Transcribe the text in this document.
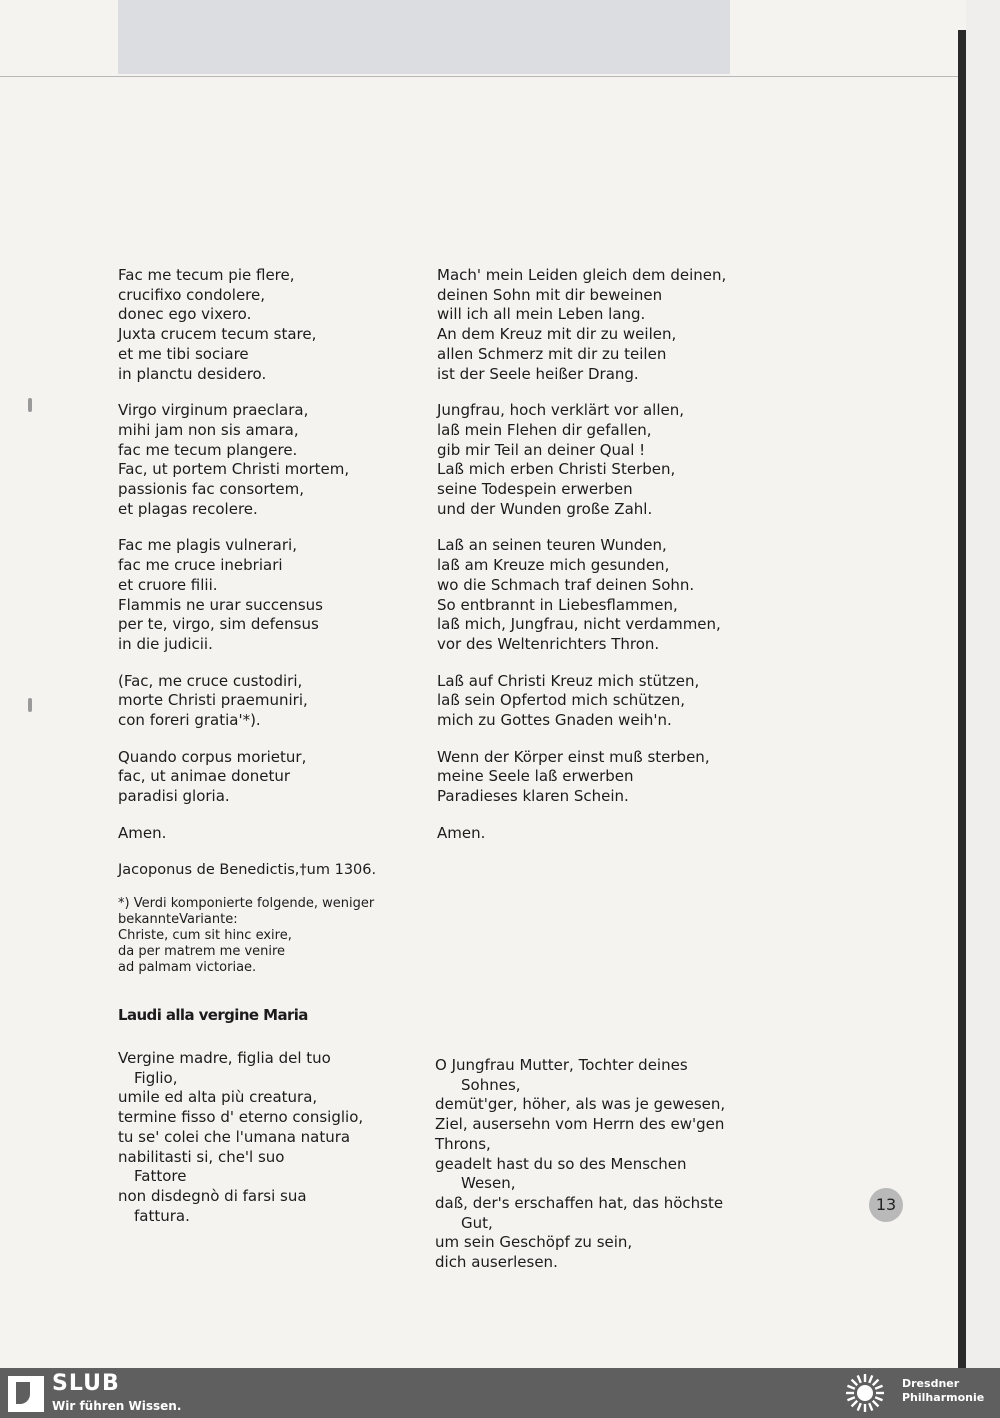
Fac me tecum pie flere,
crucifixo condolere,
donec ego vixero.
Juxta crucem tecum stare,
et me tibi sociare
in planctu desidero.
Virgo virginum praeclara,
mihi jam non sis amara,
fac me tecum plangere.
Fac, ut portem Christi mortem,
passionis fac consortem,
et plagas recolere.
Fac me plagis vulnerari,
fac me cruce inebriari
et cruore filii.
Flammis ne urar succensus
per te, virgo, sim defensus
in die judicii.
(Fac, me cruce custodiri,
morte Christi praemuniri,
con foreri gratia'*).
Quando corpus morietur,
fac, ut animae donetur
paradisi gloria.
Amen.
Jacoponus de Benedictis,†um 1306.
*) Verdi komponierte folgende, weniger
bekannteVariante:
Christe, cum sit hinc exire,
da per matrem me venire
ad palmam victoriae.
Laudi alla vergine Maria
Vergine madre, figlia del tuo
Figlio,
umile ed alta più creatura,
termine fisso d' eterno consiglio,
tu se' colei che l'umana natura
nabilitasti si, che'l suo
Fattore
non disdegnò di farsi sua
fattura.
Mach' mein Leiden gleich dem deinen,
deinen Sohn mit dir beweinen
will ich all mein Leben lang.
An dem Kreuz mit dir zu weilen,
allen Schmerz mit dir zu teilen
ist der Seele heißer Drang.
Jungfrau, hoch verklärt vor allen,
laß mein Flehen dir gefallen,
gib mir Teil an deiner Qual !
Laß mich erben Christi Sterben,
seine Todespein erwerben
und der Wunden große Zahl.
Laß an seinen teuren Wunden,
laß am Kreuze mich gesunden,
wo die Schmach traf deinen Sohn.
So entbrannt in Liebesflammen,
laß mich, Jungfrau, nicht verdammen,
vor des Weltenrichters Thron.
Laß auf Christi Kreuz mich stützen,
laß sein Opfertod mich schützen,
mich zu Gottes Gnaden weih'n.
Wenn der Körper einst muß sterben,
meine Seele laß erwerben
Paradieses klaren Schein.
Amen.
O Jungfrau Mutter, Tochter deines
Sohnes,
demüt'ger, höher, als was je gewesen,
Ziel, ausersehn vom Herrn des ew'gen
Throns,
geadelt hast du so des Menschen
Wesen,
daß, der's erschaffen hat, das höchste
Gut,
um sein Geschöpf zu sein,
dich auserlesen.
13
SLUB
Wir führen Wissen.
Dresdner
Philharmonie
